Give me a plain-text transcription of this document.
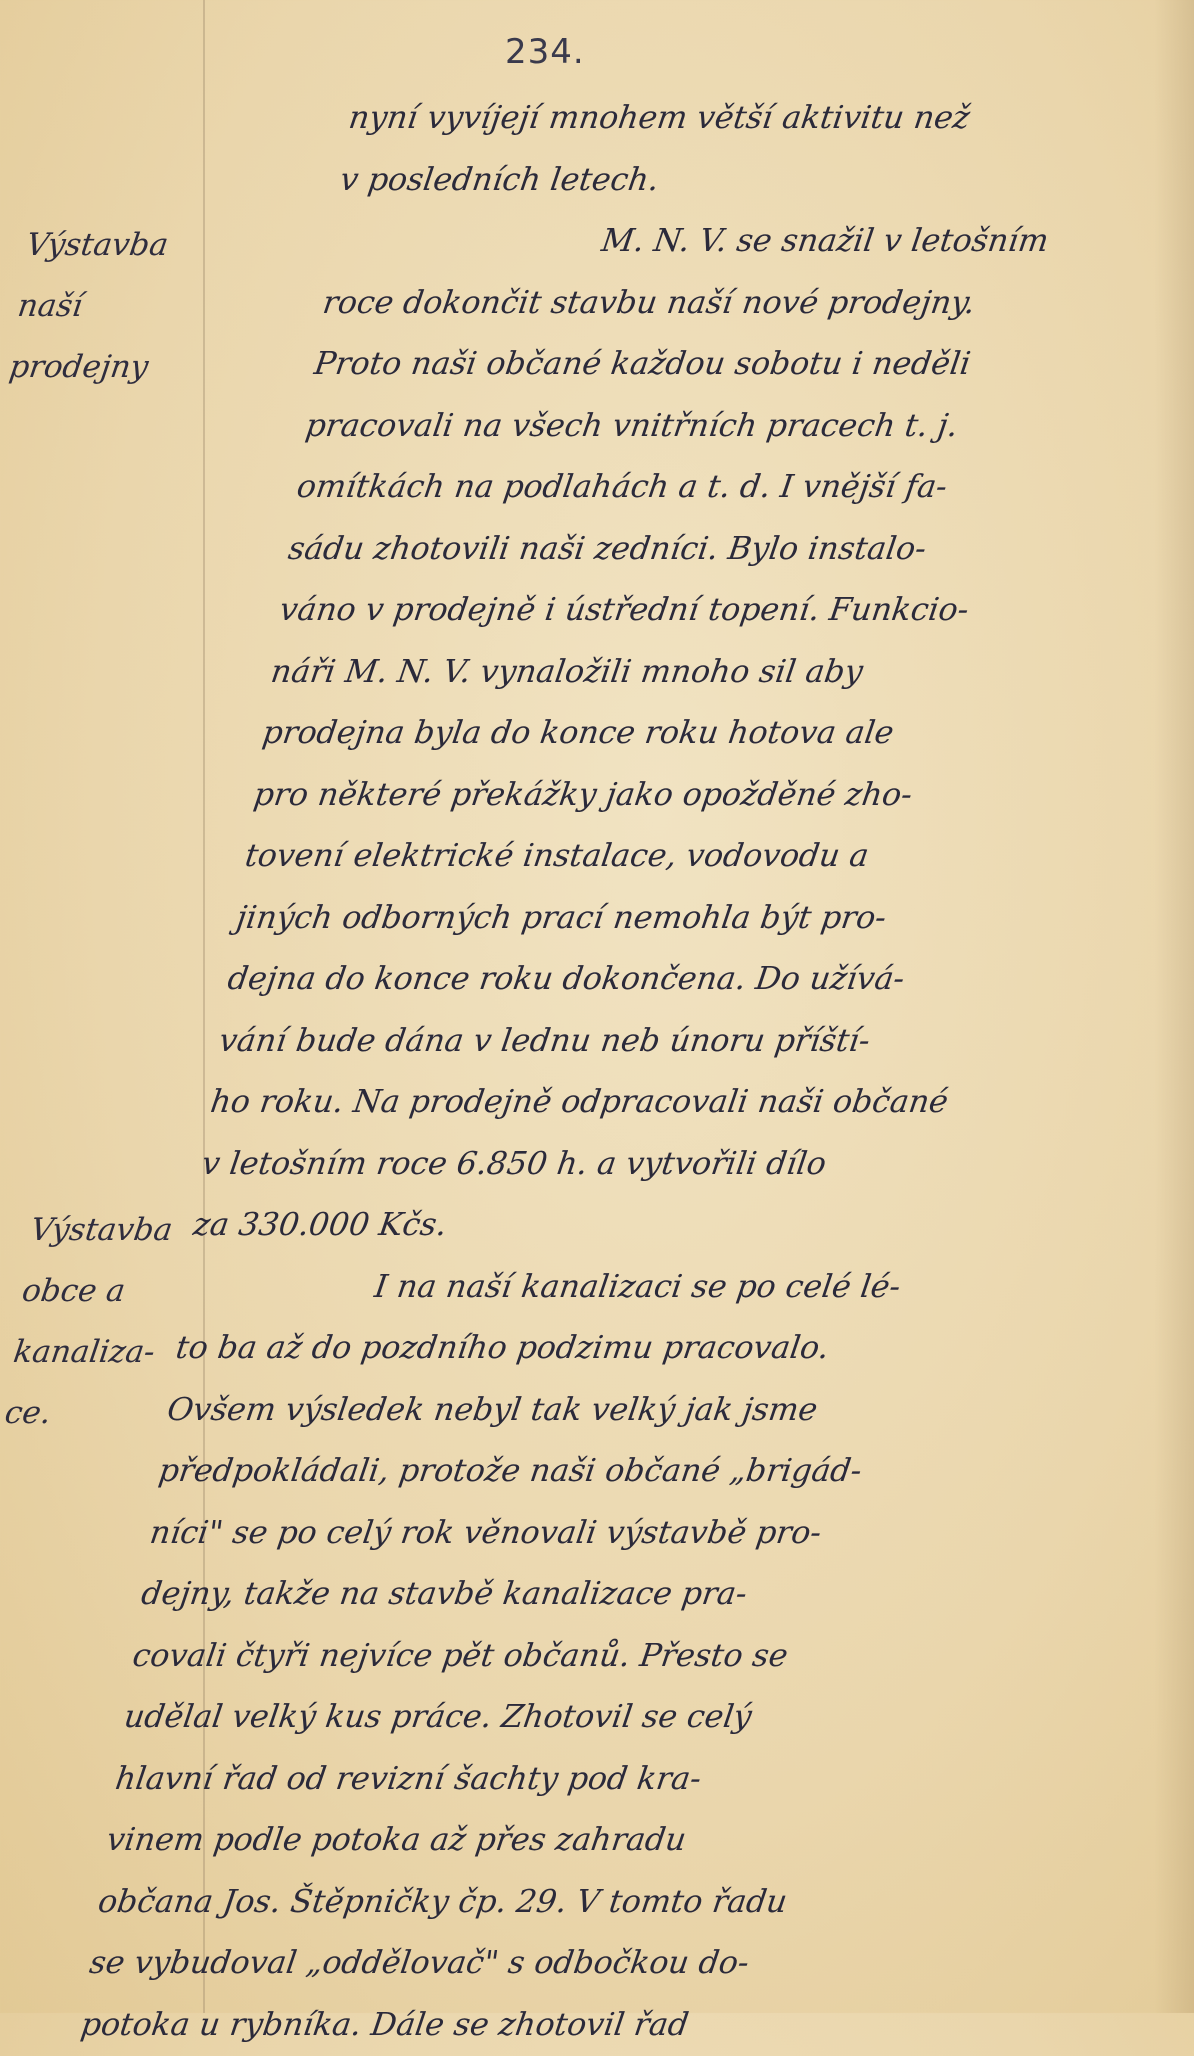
234.
Výstavba
naší
prodejny
Výstavba
obce a
kanaliza-
ce.
nyní vyvíjejí mnohem větší aktivitu než
v posledních letech.
M. N. V. se snažil v letošním
roce dokončit stavbu naší nové prodejny.
Proto naši občané každou sobotu i neděli
pracovali na všech vnitřních pracech t. j.
omítkách na podlahách a t. d. I vnější fa-
sádu zhotovili naši zedníci. Bylo instalo-
váno v prodejně i ústřední topení. Funkcio-
náři M. N. V. vynaložili mnoho sil aby
prodejna byla do konce roku hotova ale
pro některé překážky jako opožděné zho-
tovení elektrické instalace, vodovodu a
jiných odborných prací nemohla být pro-
dejna do konce roku dokončena. Do užívá-
vání bude dána v lednu neb únoru příští-
ho roku. Na prodejně odpracovali naši občané
v letošním roce 6.850 h. a vytvořili dílo
za 330.000 Kčs.
I na naší kanalizaci se po celé lé-
to ba až do pozdního podzimu pracovalo.
Ovšem výsledek nebyl tak velký jak jsme
předpokládali, protože naši občané „brigád-
níci" se po celý rok věnovali výstavbě pro-
dejny, takže na stavbě kanalizace pra-
covali čtyři nejvíce pět občanů. Přesto se
udělal velký kus práce. Zhotovil se celý
hlavní řad od revizní šachty pod kra-
vinem podle potoka až přes zahradu
občana Jos. Štěpničky čp. 29. V tomto řadu
se vybudoval „oddělovač" s odbočkou do-
potoka u rybníka. Dále se zhotovil řad
